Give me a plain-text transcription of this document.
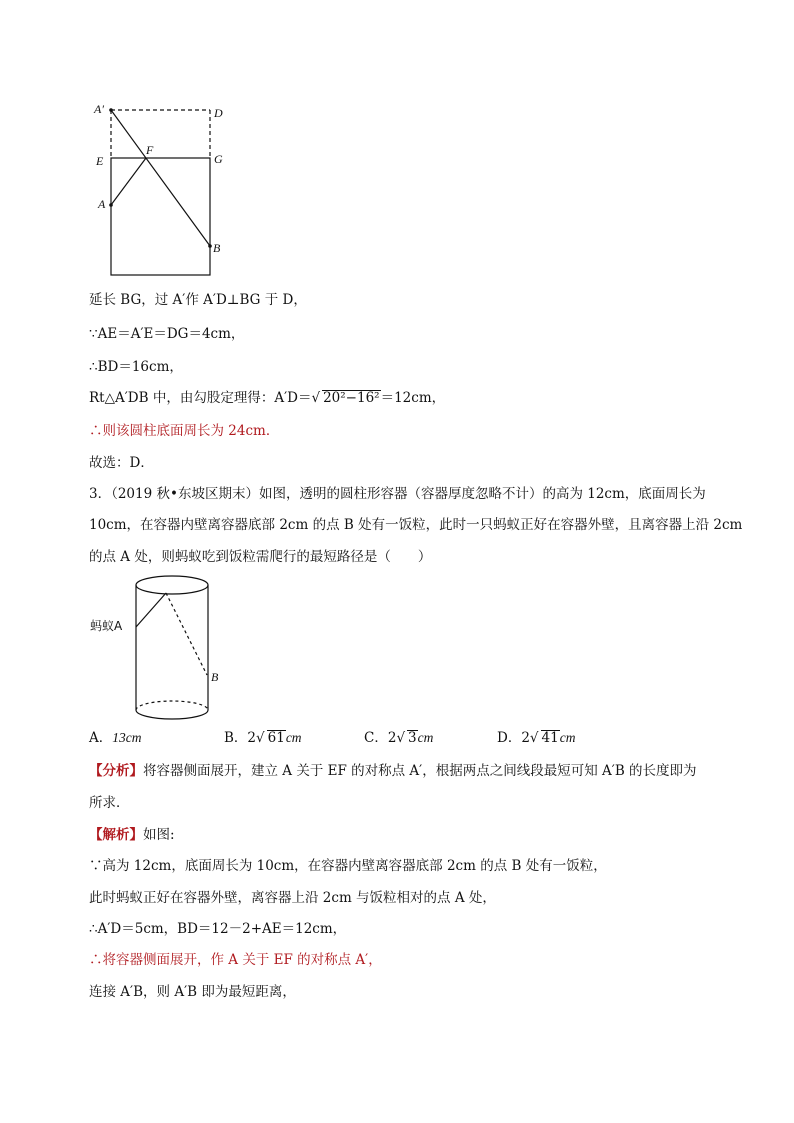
A′	D
E
F
G
A
B
延长 BG，过 A′作 A′D⊥BG 于 D，
∵AE＝A′E＝DG＝4cm，
∴BD＝16cm，
Rt△A′DB 中，由勾股定理得：A′D＝√ 20²−16²＝12cm，
∴则该圆柱底面周长为 24cm．
故选：D．
3．（2019 秋•东坡区期末）如图，透明的圆柱形容器（容器厚度忽略不计）的高为 12cm，底面周长为
10cm，在容器内壁离容器底部 2cm 的点 B 处有一饭粒，此时一只蚂蚁正好在容器外壁，且离容器上沿 2cm
的点 A 处，则蚂蚁吃到饭粒需爬行的最短路径是（　　）
蚂蚁A
B
A．13cm	B．2√ 61cm	C．2√ 3cm	D．2√ 41cm
【分析】将容器侧面展开，建立 A 关于 EF 的对称点 A′，根据两点之间线段最短可知 A′B 的长度即为
所求．
【解析】如图:
∵高为 12cm，底面周长为 10cm，在容器内壁离容器底部 2cm 的点 B 处有一饭粒，
此时蚂蚁正好在容器外壁，离容器上沿 2cm 与饭粒相对的点 A 处，
∴A′D＝5cm，BD＝12－2+AE＝12cm，
∴将容器侧面展开，作 A 关于 EF 的对称点 A′，
连接 A′B，则 A′B 即为最短距离，
